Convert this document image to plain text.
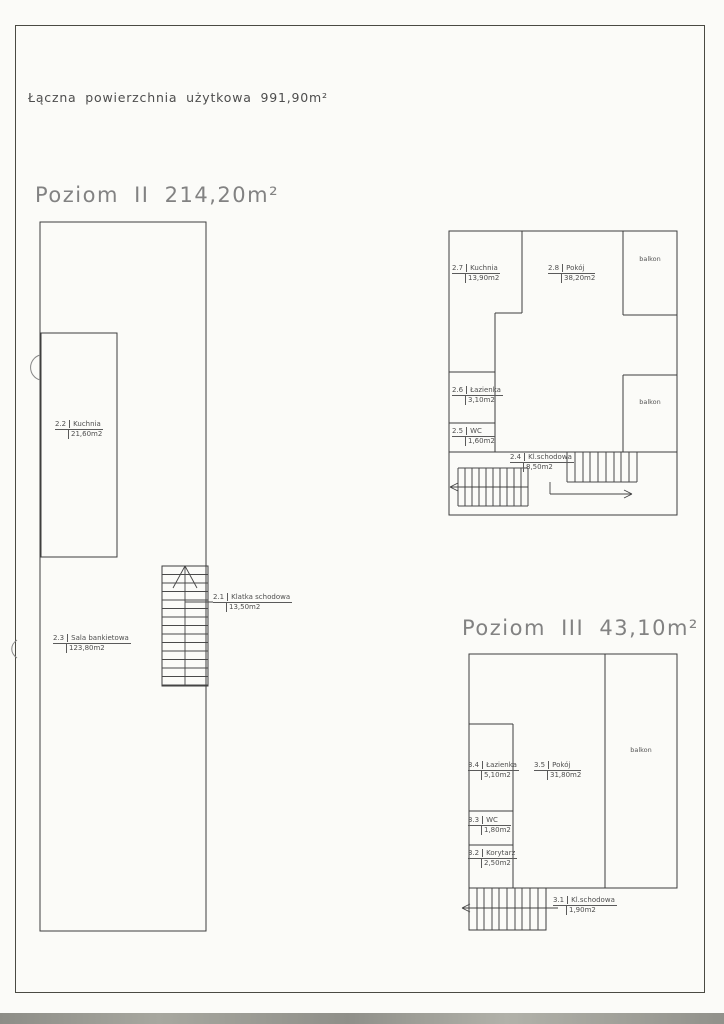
Łączna powierzchnia użytkowa 991,90m²
Poziom II 214,20m²
Poziom III 43,10m²
2.2 Kuchnia
21,60m2
2.3 Sala bankietowa
123,80m2
2.1 Klatka schodowa
13,50m2
2.7 Kuchnia
13,90m2
2.8 Pokój
38,20m2
balkon
balkon
2.6 Łazienka
3,10m2
2.5 WC
1,60m2
2.4 Kl.schodowa
8,50m2
3.4 Łazienka
5,10m2
3.5 Pokój
31,80m2
balkon
3.3 WC
1,80m2
3.2 Korytarz
2,50m2
3.1 Kl.schodowa
1,90m2
